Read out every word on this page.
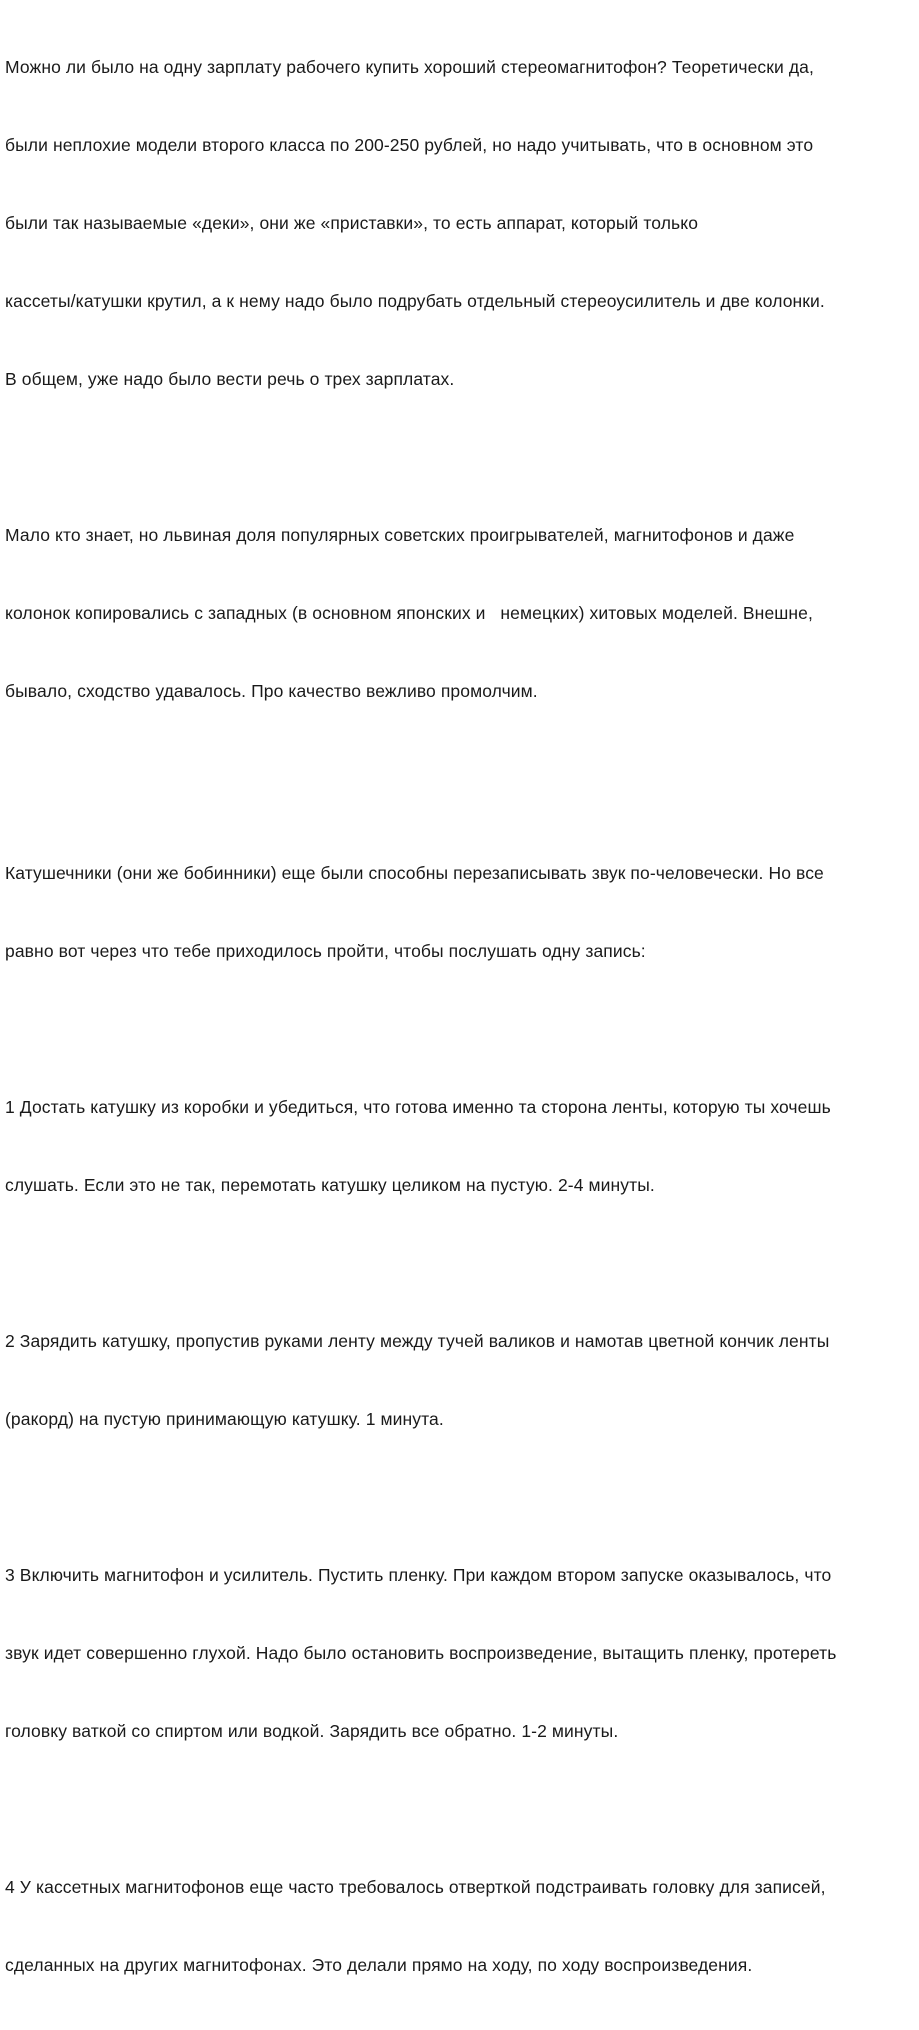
Можно ли было на одну зарплату рабочего купить хороший стереомагнитофон? Теоретически да,

были неплохие модели второго класса по 200-250 рублей, но надо учитывать, что в основном это

были так называемые «деки», они же «приставки», то есть аппарат, который только

кассеты/катушки крутил, а к нему надо было подрубать отдельный стереоусилитель и две колонки.

В общем, уже надо было вести речь о трех зарплатах.

Мало кто знает, но львиная доля популярных советских проигрывателей, магнитофонов и даже

колонок копировались с западных (в основном японских и   немецких) хитовых моделей. Внешне,

бывало, сходство удавалось. Про качество вежливо промолчим.

Катушечники (они же бобинники) еще были способны перезаписывать звук по-человечески. Но все

равно вот через что тебе приходилось пройти, чтобы послушать одну запись:

1 Достать катушку из коробки и убедиться, что готова именно та сторона ленты, которую ты хочешь

слушать. Если это не так, перемотать катушку целиком на пустую. 2-4 минуты.

2 Зарядить катушку, пропустив руками ленту между тучей валиков и намотав цветной кончик ленты

(ракорд) на пустую принимающую катушку. 1 минута.

3 Включить магнитофон и усилитель. Пустить пленку. При каждом втором запуске оказывалось, что

звук идет совершенно глухой. Надо было остановить воспроизведение, вытащить пленку, протереть

головку ваткой со спиртом или водкой. Зарядить все обратно. 1-2 минуты.

4 У кассетных магнитофонов еще часто требовалось отверткой подстраивать головку для записей,

сделанных на других магнитофонах. Это делали прямо на ходу, по ходу воспроизведения.
